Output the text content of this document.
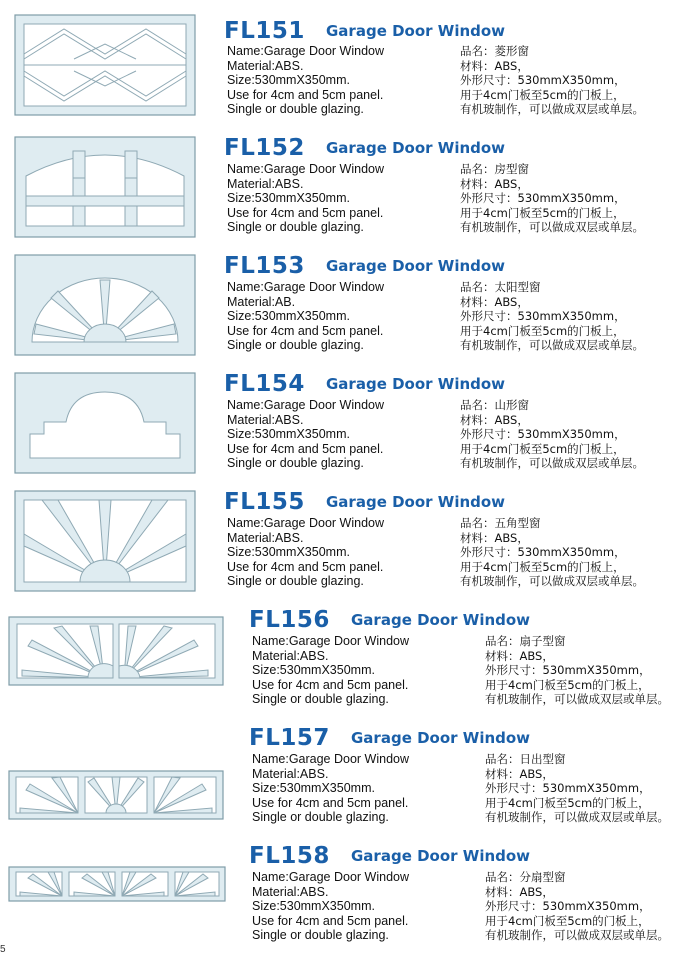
FL151 Garage Door Window
Name:Garage Door Window
Material:ABS.
Size:530mmX350mm.
Use for 4cm and 5cm panel.
Single or double glazing.
品名：菱形窗
材料：ABS，
外形尺寸：530mmX350mm，
用于4cm门板至5cm的门板上，
有机玻制作，可以做成双层或单层。
FL152 Garage Door Window
Name:Garage Door Window
Material:ABS.
Size:530mmX350mm.
Use for 4cm and 5cm panel.
Single or double glazing.
品名：房型窗
材料：ABS，
外形尺寸：530mmX350mm，
用于4cm门板至5cm的门板上，
有机玻制作，可以做成双层或单层。
FL153 Garage Door Window
Name:Garage Door Window
Material:AB.
Size:530mmX350mm.
Use for 4cm and 5cm panel.
Single or double glazing.
品名：太阳型窗
材料：ABS，
外形尺寸：530mmX350mm，
用于4cm门板至5cm的门板上，
有机玻制作，可以做成双层或单层。
FL154 Garage Door Window
Name:Garage Door Window
Material:ABS.
Size:530mmX350mm.
Use for 4cm and 5cm panel.
Single or double glazing.
品名：山形窗
材料：ABS，
外形尺寸：530mmX350mm，
用于4cm门板至5cm的门板上，
有机玻制作，可以做成双层或单层。
FL155 Garage Door Window
Name:Garage Door Window
Material:ABS.
Size:530mmX350mm.
Use for 4cm and 5cm panel.
Single or double glazing.
品名：五角型窗
材料：ABS，
外形尺寸：530mmX350mm，
用于4cm门板至5cm的门板上，
有机玻制作，可以做成双层或单层。
FL156 Garage Door Window
Name:Garage Door Window
Material:ABS.
Size:530mmX350mm.
Use for 4cm and 5cm panel.
Single or double glazing.
品名：扇子型窗
材料：ABS，
外形尺寸：530mmX350mm，
用于4cm门板至5cm的门板上，
有机玻制作，可以做成双层或单层。
FL157 Garage Door Window
Name:Garage Door Window
Material:ABS.
Size:530mmX350mm.
Use for 4cm and 5cm panel.
Single or double glazing.
品名：日出型窗
材料：ABS，
外形尺寸：530mmX350mm，
用于4cm门板至5cm的门板上，
有机玻制作，可以做成双层或单层。
FL158 Garage Door Window
Name:Garage Door Window
Material:ABS.
Size:530mmX350mm.
Use for 4cm and 5cm panel.
Single or double glazing.
品名：分扇型窗
材料：ABS，
外形尺寸：530mmX350mm，
用于4cm门板至5cm的门板上，
有机玻制作，可以做成双层或单层。
5
